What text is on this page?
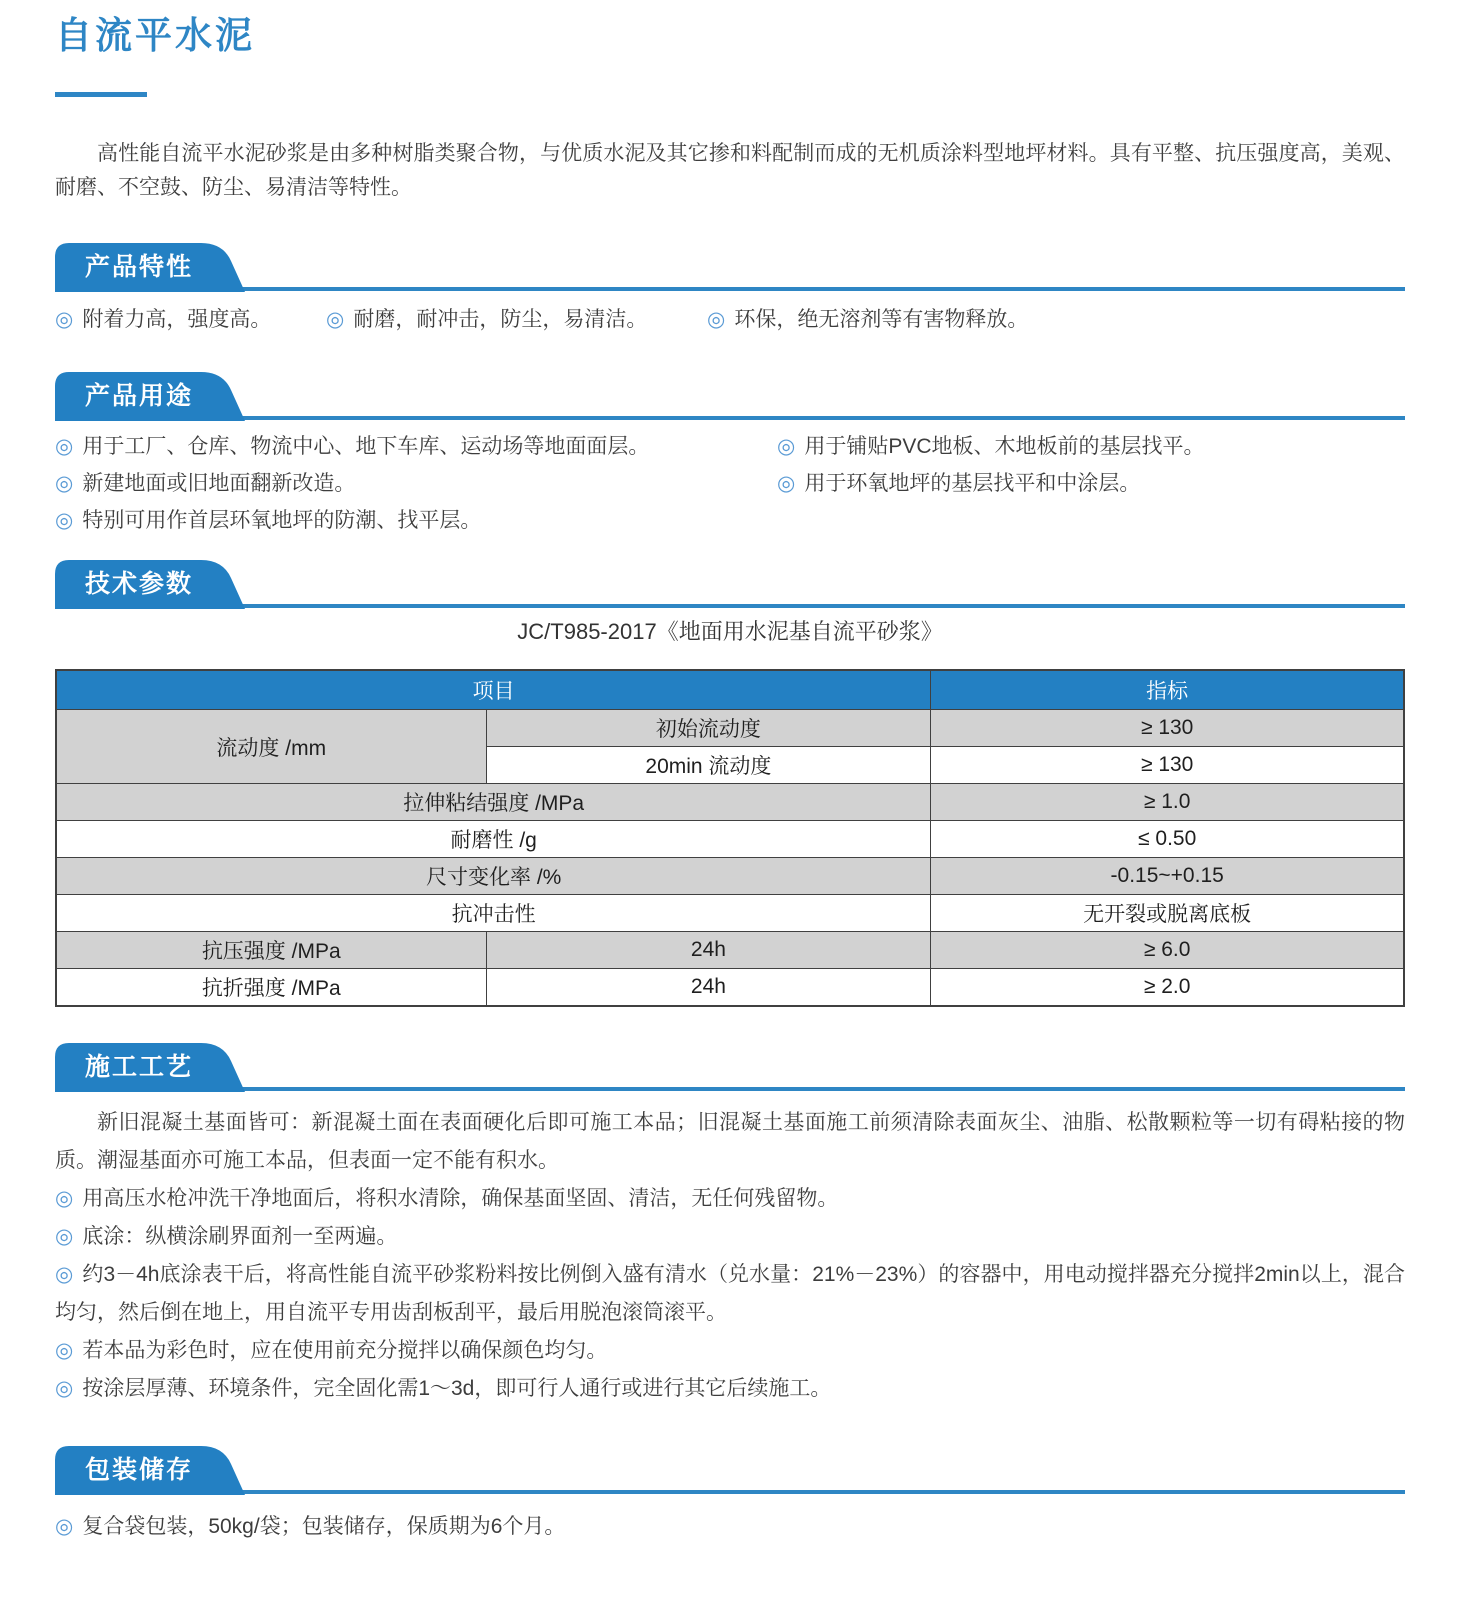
自流平水泥

高性能自流平水泥砂浆是由多种树脂类聚合物，与优质水泥及其它掺和料配制而成的无机质涂料型地坪材料。具有平整、抗压强度高，美观、耐磨、不空鼓、防尘、易清洁等特性。

产品特性

◎ 附着力高，强度高。	◎ 耐磨，耐冲击，防尘，易清洁。	◎ 环保，绝无溶剂等有害物释放。

产品用途

◎ 用于工厂、仓库、物流中心、地下车库、运动场等地面面层。

◎ 新建地面或旧地面翻新改造。

◎ 特别可用作首层环氧地坪的防潮、找平层。

◎ 用于铺贴PVC地板、木地板前的基层找平。

◎ 用于环氧地坪的基层找平和中涂层。

技术参数

JC/T985-2017《地面用水泥基自流平砂浆》

项目		指标
流动度 /mm	初始流动度	≥ 130
	20min 流动度	≥ 130
拉伸粘结强度 /MPa		≥ 1.0
耐磨性 /g		≤ 0.50
尺寸变化率 /%		-0.15~+0.15
抗冲击性		无开裂或脱离底板
抗压强度 /MPa	24h	≥ 6.0
抗折强度 /MPa	24h	≥ 2.0
施工工艺

新旧混凝土基面皆可：新混凝土面在表面硬化后即可施工本品；旧混凝土基面施工前须清除表面灰尘、油脂、松散颗粒等一切有碍粘接的物质。潮湿基面亦可施工本品，但表面一定不能有积水。

◎ 用高压水枪冲洗干净地面后，将积水清除，确保基面坚固、清洁，无任何残留物。

◎ 底涂：纵横涂刷界面剂一至两遍。

◎ 约3－4h底涂表干后，将高性能自流平砂浆粉料按比例倒入盛有清水（兑水量：21%－23%）的容器中，用电动搅拌器充分搅拌2min以上，混合均匀，然后倒在地上，用自流平专用齿刮板刮平，最后用脱泡滚筒滚平。

◎ 若本品为彩色时，应在使用前充分搅拌以确保颜色均匀。

◎ 按涂层厚薄、环境条件，完全固化需1～3d，即可行人通行或进行其它后续施工。

包装储存

◎ 复合袋包装，50kg/袋；包装储存，保质期为6个月。
